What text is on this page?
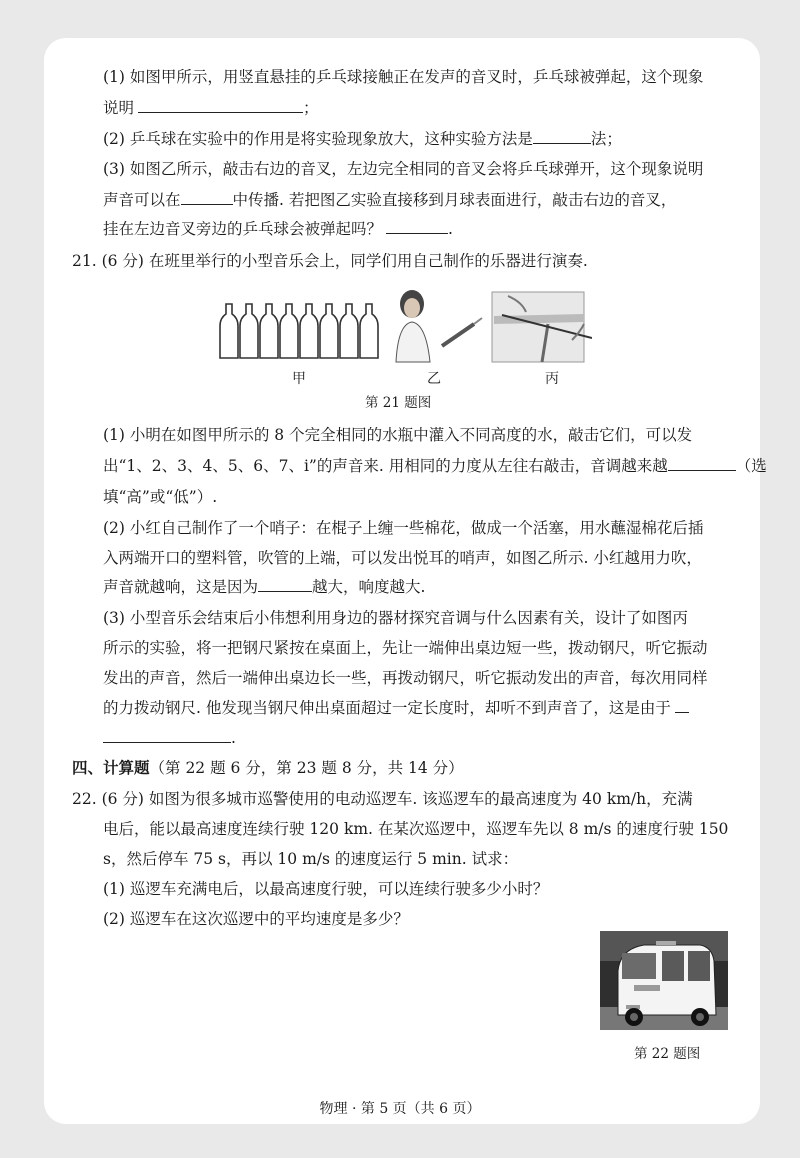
(1) 如图甲所示，用竖直悬挂的乒乓球接触正在发声的音叉时，乒乓球被弹起，这个现象
说明	；
(2) 乒乓球在实验中的作用是将实验现象放大，这种实验方法是	法；
(3) 如图乙所示，敲击右边的音叉，左边完全相同的音叉会将乒乓球弹开，这个现象说明
声音可以在	中传播. 若把图乙实验直接移到月球表面进行，敲击右边的音叉，
挂在左边音叉旁边的乒乓球会被弹起吗？	.
21. (6 分) 在班里举行的小型音乐会上，同学们用自己制作的乐器进行演奏.
甲	乙	丙
第 21 题图
(1) 小明在如图甲所示的 8 个完全相同的水瓶中灌入不同高度的水，敲击它们，可以发
出“1、2、3、4、5、6、7、i”的声音来. 用相同的力度从左往右敲击，音调越来越	（选
填“高”或“低”）.
(2) 小红自己制作了一个哨子：在棍子上缠一些棉花，做成一个活塞，用水蘸湿棉花后插
入两端开口的塑料管，吹管的上端，可以发出悦耳的哨声，如图乙所示. 小红越用力吹，
声音就越响，这是因为	越大，响度越大.
(3) 小型音乐会结束后小伟想利用身边的器材探究音调与什么因素有关，设计了如图丙
所示的实验，将一把钢尺紧按在桌面上，先让一端伸出桌边短一些，拨动钢尺，听它振动
发出的声音，然后一端伸出桌边长一些，再拨动钢尺，听它振动发出的声音，每次用同样
的力拨动钢尺. 他发现当钢尺伸出桌面超过一定长度时，却听不到声音了，这是由于
.
四、计算题（第 22 题 6 分，第 23 题 8 分，共 14 分）
22. (6 分) 如图为很多城市巡警使用的电动巡逻车. 该巡逻车的最高速度为 40 km/h，充满
电后，能以最高速度连续行驶 120 km. 在某次巡逻中，巡逻车先以 8 m/s 的速度行驶 150
s，然后停车 75 s，再以 10 m/s 的速度运行 5 min. 试求：
(1) 巡逻车充满电后，以最高速度行驶，可以连续行驶多少小时？
(2) 巡逻车在这次巡逻中的平均速度是多少？
第 22 题图
物理 · 第 5 页（共 6 页）
